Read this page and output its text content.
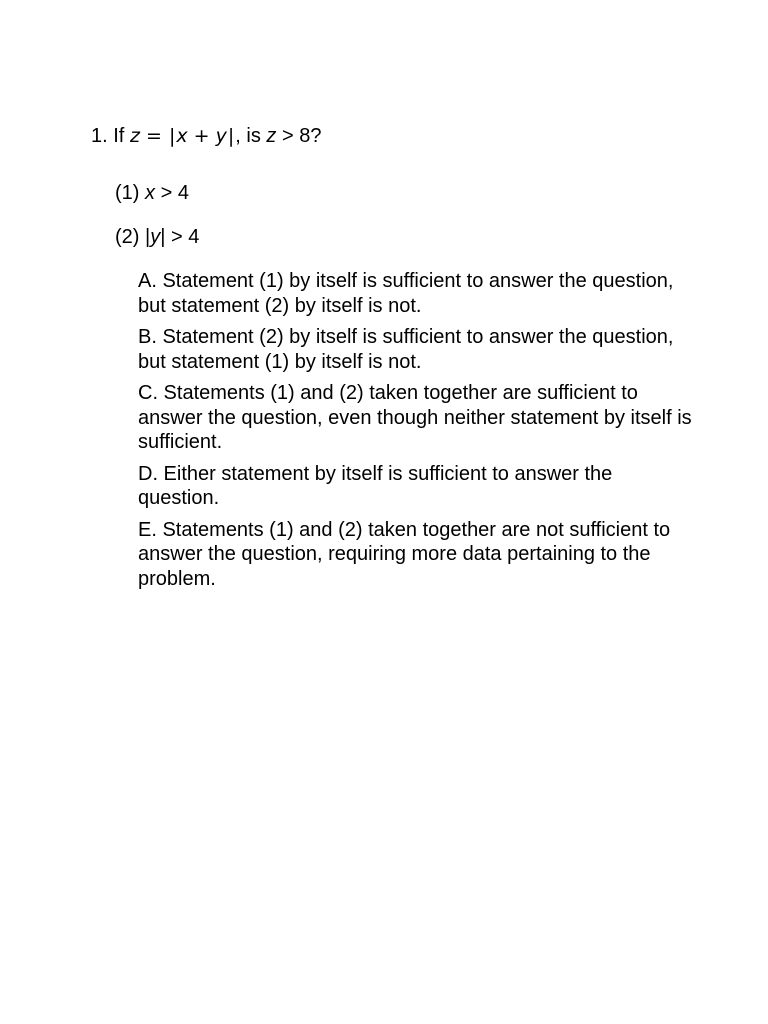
1. If z = |x + y|, is z > 8?
(1) x > 4
(2) |y| > 4
A. Statement (1) by itself is sufficient to answer the question, but statement (2) by itself is not.
B. Statement (2) by itself is sufficient to answer the question, but statement (1) by itself is not.
C. Statements (1) and (2) taken together are sufficient to answer the question, even though neither statement by itself is sufficient.
D. Either statement by itself is sufficient to answer the question.
E. Statements (1) and (2) taken together are not sufficient to answer the question, requiring more data pertaining to the problem.
